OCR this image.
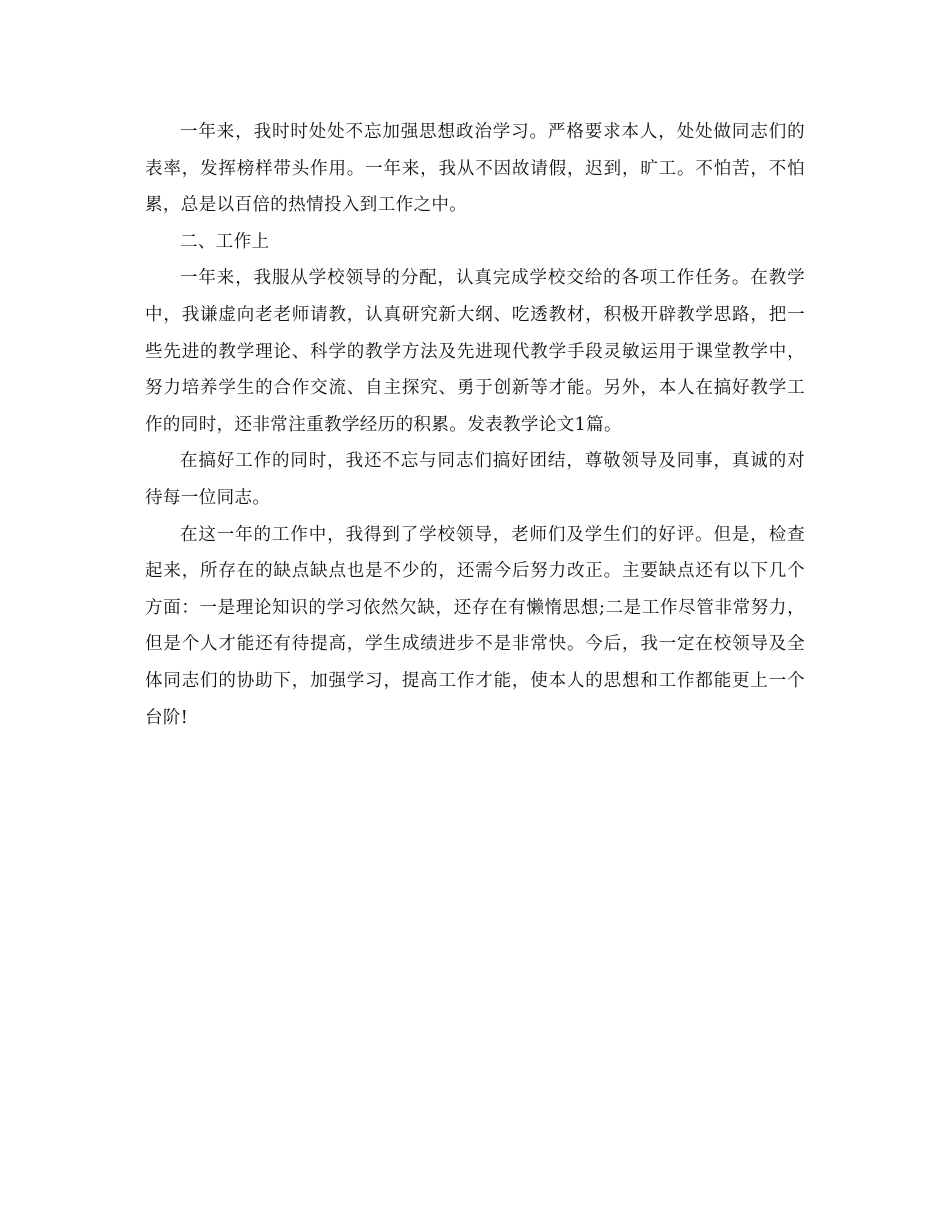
一年来，我时时处处不忘加强思想政治学习。严格要求本人，处处做同志们的表率，发挥榜样带头作用。一年来，我从不因故请假，迟到，旷工。不怕苦，不怕累，总是以百倍的热情投入到工作之中。

二、工作上

一年来，我服从学校领导的分配，认真完成学校交给的各项工作任务。在教学中，我谦虚向老老师请教，认真研究新大纲、吃透教材，积极开辟教学思路，把一些先进的教学理论、科学的教学方法及先进现代教学手段灵敏运用于课堂教学中，努力培养学生的合作交流、自主探究、勇于创新等才能。另外，本人在搞好教学工作的同时，还非常注重教学经历的积累。发表教学论文1篇。

在搞好工作的同时，我还不忘与同志们搞好团结，尊敬领导及同事，真诚的对待每一位同志。

在这一年的工作中，我得到了学校领导，老师们及学生们的好评。但是，检查起来，所存在的缺点缺点也是不少的，还需今后努力改正。主要缺点还有以下几个方面：一是理论知识的学习依然欠缺，还存在有懒惰思想;二是工作尽管非常努力，但是个人才能还有待提高，学生成绩进步不是非常快。今后，我一定在校领导及全体同志们的协助下，加强学习，提高工作才能，使本人的思想和工作都能更上一个台阶!
